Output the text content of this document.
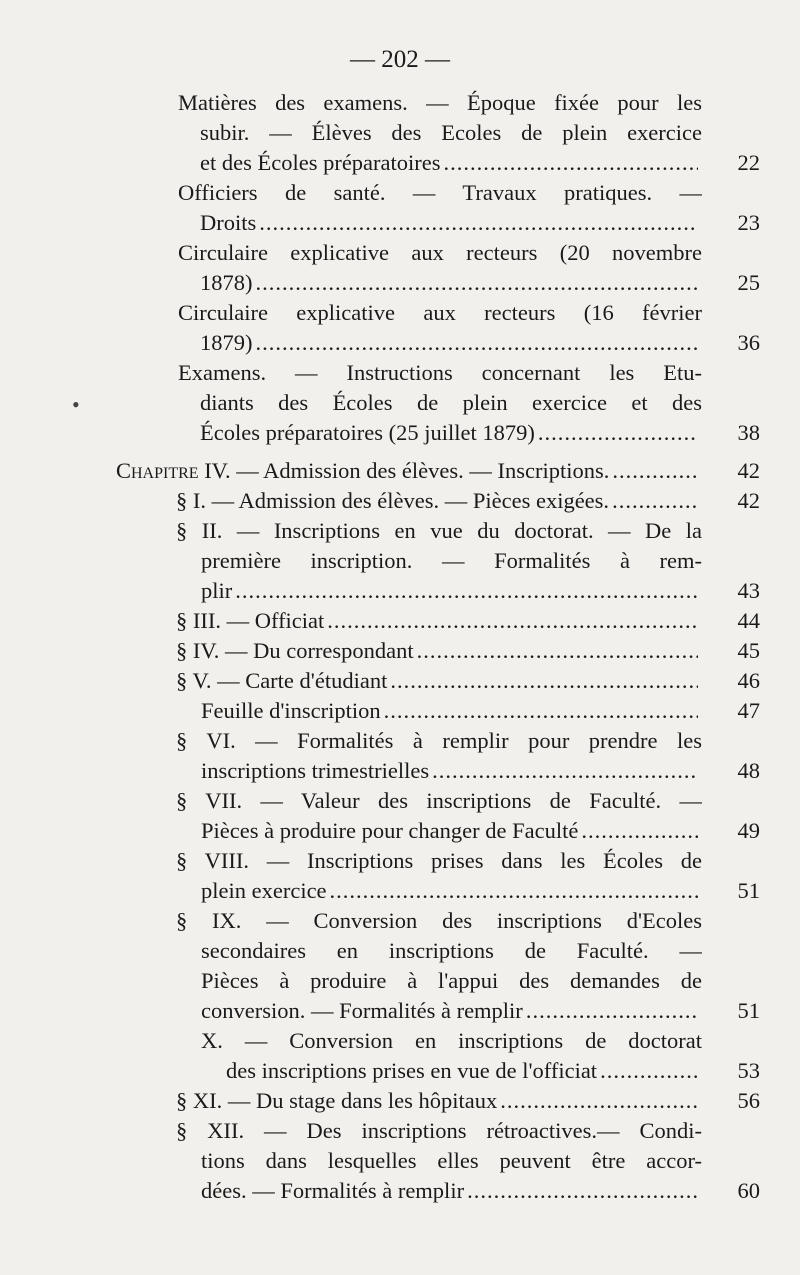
— 202 —
Matières des examens. — Époque fixée pour les
subir. — Élèves des Ecoles de plein exercice
et des Écoles préparatoires .....	22
Officiers de santé. — Travaux pratiques. —
Droits .....	23
Circulaire explicative aux recteurs (20 novembre
1878) .....	25
Circulaire explicative aux recteurs (16 février
1879) .....	36
Examens. — Instructions concernant les Etu-
diants des Écoles de plein exercice et des
Écoles préparatoires (25 juillet 1879) .....	38
Chapitre IV. — Admission des élèves. — Inscriptions. .....	42
§ I. — Admission des élèves. — Pièces exigées. .....	42
§ II. — Inscriptions en vue du doctorat. — De la
première inscription. — Formalités à rem-
plir .....	43
§ III. — Officiat .....	44
§ IV. — Du correspondant .....	45
§ V. — Carte d'étudiant .....	46
Feuille d'inscription .....	47
§ VI. — Formalités à remplir pour prendre les
inscriptions trimestrielles .....	48
§ VII. — Valeur des inscriptions de Faculté. —
Pièces à produire pour changer de Faculté .....	49
§ VIII. — Inscriptions prises dans les Écoles de
plein exercice .....	51
§ IX. — Conversion des inscriptions d'Ecoles
secondaires en inscriptions de Faculté. —
Pièces à produire à l'appui des demandes de
conversion. — Formalités à remplir .....	51
X. — Conversion en inscriptions de doctorat
des inscriptions prises en vue de l'officiat .....	53
§ XI. — Du stage dans les hôpitaux .....	56
§ XII. — Des inscriptions rétroactives.— Condi-
tions dans lesquelles elles peuvent être accor-
dées. — Formalités à remplir .....	60
•
